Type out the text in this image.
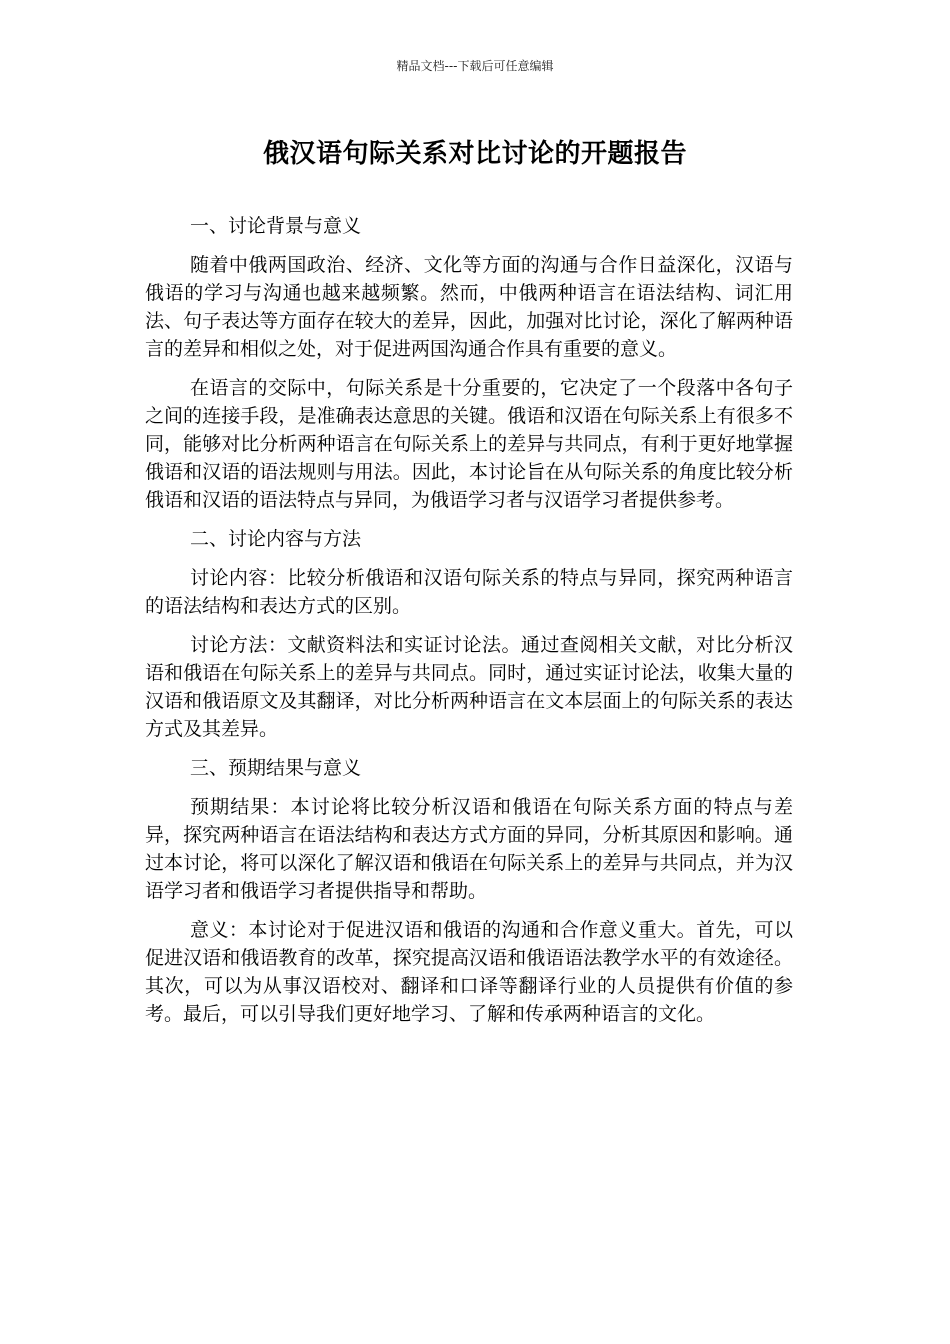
精品文档---下载后可任意编辑
俄汉语句际关系对比讨论的开题报告
一、讨论背景与意义

随着中俄两国政治、经济、文化等方面的沟通与合作日益深化，汉语与俄语的学习与沟通也越来越频繁。然而，中俄两种语言在语法结构、词汇用法、句子表达等方面存在较大的差异，因此，加强对比讨论，深化了解两种语言的差异和相似之处，对于促进两国沟通合作具有重要的意义。

在语言的交际中，句际关系是十分重要的，它决定了一个段落中各句子之间的连接手段，是准确表达意思的关键。俄语和汉语在句际关系上有很多不同，能够对比分析两种语言在句际关系上的差异与共同点，有利于更好地掌握俄语和汉语的语法规则与用法。因此，本讨论旨在从句际关系的角度比较分析俄语和汉语的语法特点与异同，为俄语学习者与汉语学习者提供参考。

二、讨论内容与方法

讨论内容：比较分析俄语和汉语句际关系的特点与异同，探究两种语言的语法结构和表达方式的区别。

讨论方法：文献资料法和实证讨论法。通过查阅相关文献，对比分析汉语和俄语在句际关系上的差异与共同点。同时，通过实证讨论法，收集大量的汉语和俄语原文及其翻译，对比分析两种语言在文本层面上的句际关系的表达方式及其差异。

三、预期结果与意义

预期结果：本讨论将比较分析汉语和俄语在句际关系方面的特点与差异，探究两种语言在语法结构和表达方式方面的异同，分析其原因和影响。通过本讨论，将可以深化了解汉语和俄语在句际关系上的差异与共同点，并为汉语学习者和俄语学习者提供指导和帮助。

意义：本讨论对于促进汉语和俄语的沟通和合作意义重大。首先，可以促进汉语和俄语教育的改革，探究提高汉语和俄语语法教学水平的有效途径。其次，可以为从事汉语校对、翻译和口译等翻译行业的人员提供有价值的参考。最后，可以引导我们更好地学习、了解和传承两种语言的文化。
